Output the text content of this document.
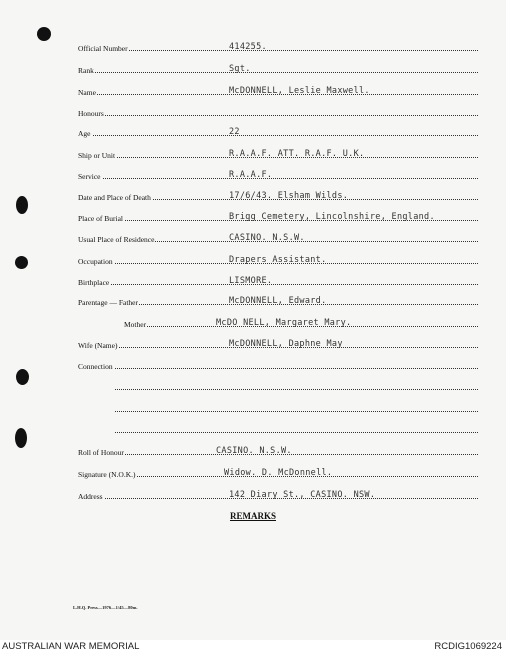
Official Number	414255.
Rank	Sgt.
Name	McDONNELL, Leslie Maxwell.
Honours
Age	22
Ship or Unit	R.A.A.F. ATT. R.A.F. U.K.
Service	R.A.A.F.
Date and Place of Death	17/6/43. Elsham Wilds.
Place of Burial	Brigg Cemetery, Lincolnshire, England.
Usual Place of Residence	CASINO. N.S.W.
Occupation	Drapers Assistant.
Birthplace	LISMORE.
Parentage — Father	McDONNELL, Edward.
Mother	McDO NELL, Margaret Mary.
Wife (Name)	McDONNELL, Daphne May
Connection
Roll of Honour	CASINO. N.S.W.
Signature (N.O.K.)	Widow. D. McDonnell.
Address	142 Diary St., CASINO. NSW.
REMARKS
L.H.Q. Press—1976—1/45—80m.
AUSTRALIAN WAR MEMORIAL	RCDIG1069224
